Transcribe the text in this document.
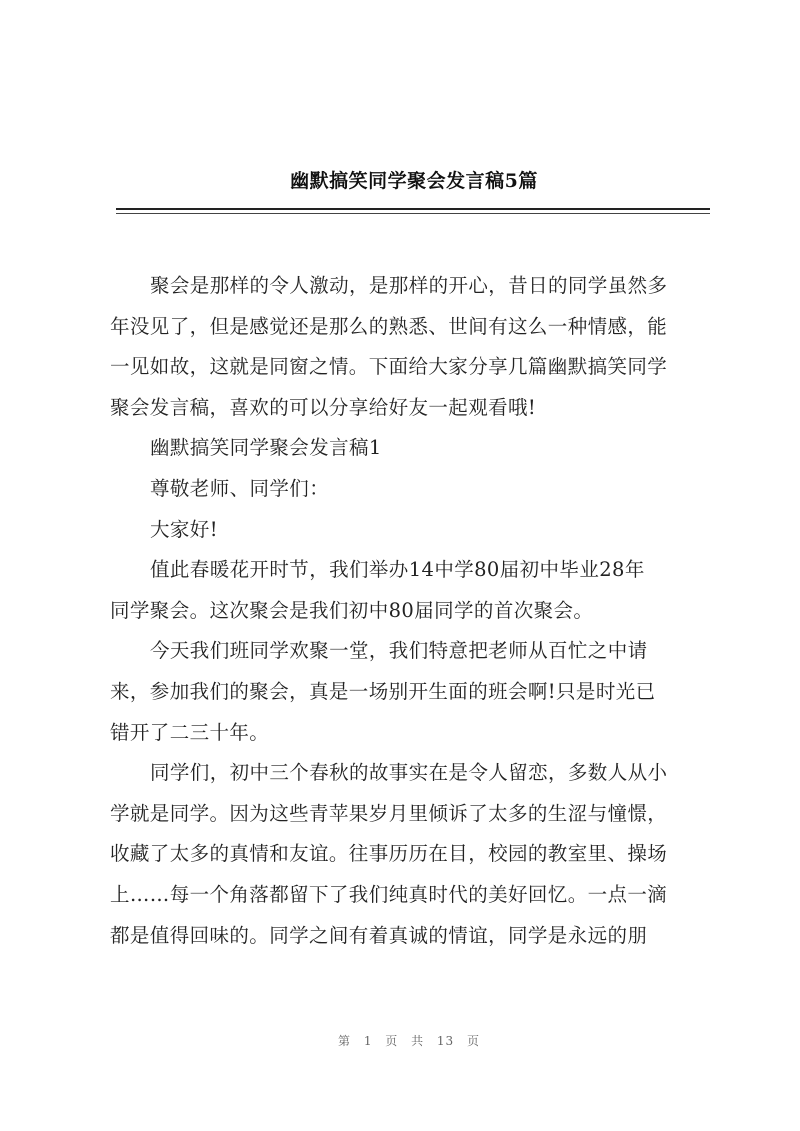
幽默搞笑同学聚会发言稿5篇
聚会是那样的令人激动，是那样的开心，昔日的同学虽然多
年没见了，但是感觉还是那么的熟悉、世间有这么一种情感，能
一见如故，这就是同窗之情。下面给大家分享几篇幽默搞笑同学
聚会发言稿，喜欢的可以分享给好友一起观看哦!
幽默搞笑同学聚会发言稿1
尊敬老师、同学们：
大家好!
值此春暖花开时节，我们举办14中学80届初中毕业28年
同学聚会。这次聚会是我们初中80届同学的首次聚会。
今天我们班同学欢聚一堂，我们特意把老师从百忙之中请
来，参加我们的聚会，真是一场别开生面的班会啊!只是时光已
错开了二三十年。
同学们，初中三个春秋的故事实在是令人留恋，多数人从小
学就是同学。因为这些青苹果岁月里倾诉了太多的生涩与憧憬，
收藏了太多的真情和友谊。往事历历在目，校园的教室里、操场
上……每一个角落都留下了我们纯真时代的美好回忆。一点一滴
都是值得回味的。同学之间有着真诚的情谊，同学是永远的朋
第 1 页 共 13 页
